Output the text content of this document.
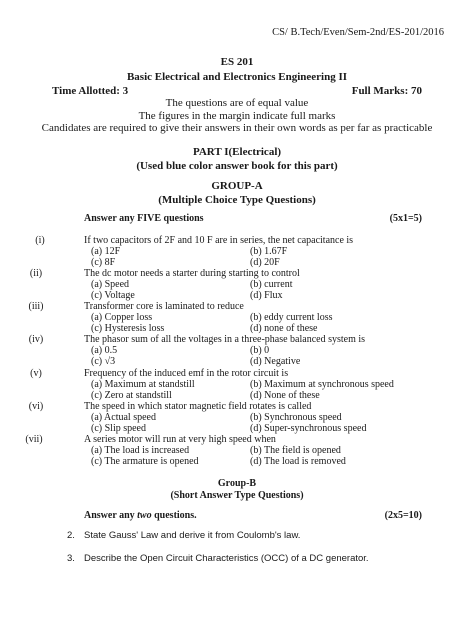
CS/ B.Tech/Even/Sem-2nd/ES-201/2016
ES 201
Basic Electrical and Electronics Engineering II
Time Allotted: 3	Full Marks: 70
The questions are of equal value
The figures in the margin indicate full marks
Candidates are required to give their answers in their own words as per far as practicable
PART I(Electrical)
(Used blue color answer book for this part)
GROUP-A
(Multiple Choice Type Questions)
Answer any FIVE questions	(5x1=5)
(i)	If two capacitors of 2F and 10 F are in series, the net capacitance is
(a) 12F	(b) 1.67F
(c) 8F	(d) 20F
(ii)	The dc motor needs a starter during starting to control
(a) Speed	(b) current
(c) Voltage	(d) Flux
(iii)	Transformer core is laminated to reduce
(a) Copper loss	(b) eddy current loss
(c) Hysteresis loss	(d) none of these
(iv)	The phasor sum of all the voltages in a three-phase balanced system is
(a) 0.5	(b) 0
(c) √3	(d) Negative
(v)	Frequency of the induced emf in the rotor circuit is
(a) Maximum at standstill	(b) Maximum at synchronous speed
(c) Zero at standstill	(d) None of these
(vi)	The speed in which stator magnetic field rotates is called
(a) Actual speed	(b) Synchronous speed
(c) Slip speed	(d) Super-synchronous speed
(vii)	A series motor will run at very high speed when
(a) The load is increased	(b) The field is opened
(c) The armature is opened	(d) The load is removed
Group-B
(Short Answer Type Questions)
Answer any two questions.	(2x5=10)
2. State Gauss' Law and derive it from Coulomb's law.
3. Describe the Open Circuit Characteristics (OCC) of a DC generator.
